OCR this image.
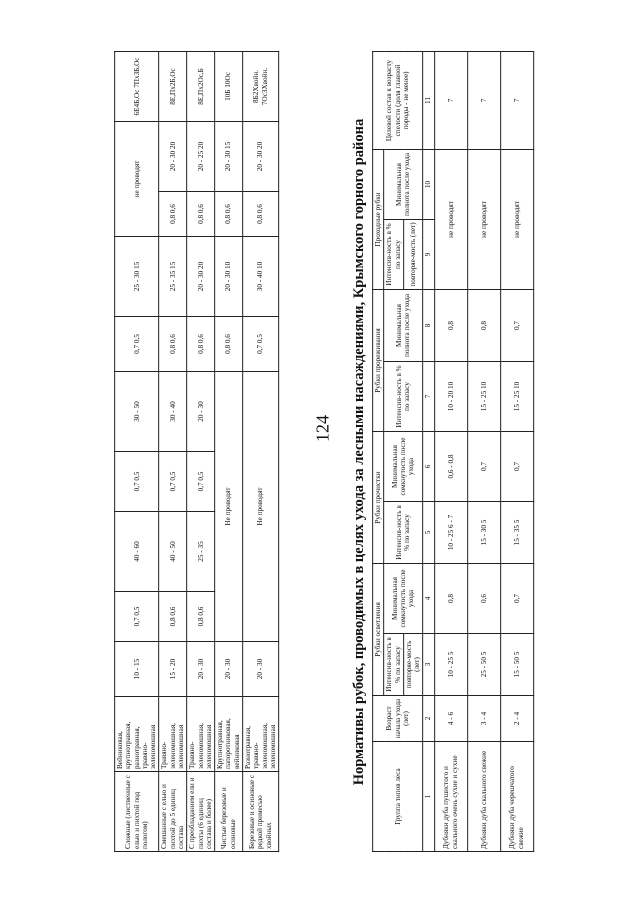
124
Сложные (листвениые с елью и пихтой под пологом)	Вейниковая, крупнотравная, разнотравная, травяно-зеленомошная	10 - 15	0,7 0,5	40 - 60	0,7 0,5	30 - 50	0,7 0,5	25 - 30 15	не проводят		6Е4Б,Ос 7Пх3Б,Ос
Смешанные с елью и пихтой до 5 единиц состава	Травяно-зеленомошная, зеленомошная	15 - 20	0,8 0,6	40 - 50	0,7 0,5	30 - 40	0,8 0,6	25 - 35 15	0,8 0,6	20 - 30 20	8Е,Пх2Б,Ос
С преобладанием ели и пихты (6 единиц состава и более)	Травяно-зеленомошная, зеленомошная	20 - 30	0,8 0,6	25 - 35	0,7 0,5	20 - 30	0,8 0,6	20 - 30 20	0,8 0,6	20 - 25 20	8Е,Пх2Ос,Б
Чистые березовые и осиновые	Крупнотравная, папоротниковая, вейниковая	20 - 30	Не проводят				0,8 0,6	20 - 30 10	0,8 0,6	20 - 30 15	10Б 10Ос
Березовые и осиновые с редкой примесью хвойных	Разнотравная, травяно-зеленомошная, зеленомошная	20 - 30	Не проводят				0,7 0,5	30 - 40 10	0,8 0,6	20 - 30 20	8Б2Хвойн. 7Ос3Хвойн.
Нормативы рубок, проводимых в целях ухода за лесными насаждениями, Крымского горного района
Группа типов леса	Возраст начала ухода (лет)	Рубки осветления		Рубки прочистки		Рубки прореживания		Проходные рубки		Целевой состав к возрасту спелости (доля главной породы - не менее)
		Интенсив-ность в % по запасу	Минимальная сомкнутость после ухода	Интенсив-ность в % по запасу	Минимальная сомкнутость после ухода	Интенсив-ность в % по запасу	Минимальная полнота после ухода	Интенсив-ность в % по запасу	Минимальная полнота после ухода	
		повторяе-мость (лет)						повторяе-мость (лет)		
1	2	3	4	5	6	7	8	9	10	11
Дубняки дуба пушистого и скального очень сухие и сухие	4 - 6	10 - 25 5	0,8	10 - 25 6 - 7	0,6 - 0,8	10 - 20 10	0,8	не проводят		7
Дубняки дуба скального свежие	3 - 4	25 - 50 5	0,6	15 - 30 5	0,7	15 - 25 10	0,8	не проводят		7
Дубняки дуба черешчатого свежие	2 - 4	15 - 50 5	0,7	15 - 35 5	0,7	15 - 25 10	0,7	не проводят		7
